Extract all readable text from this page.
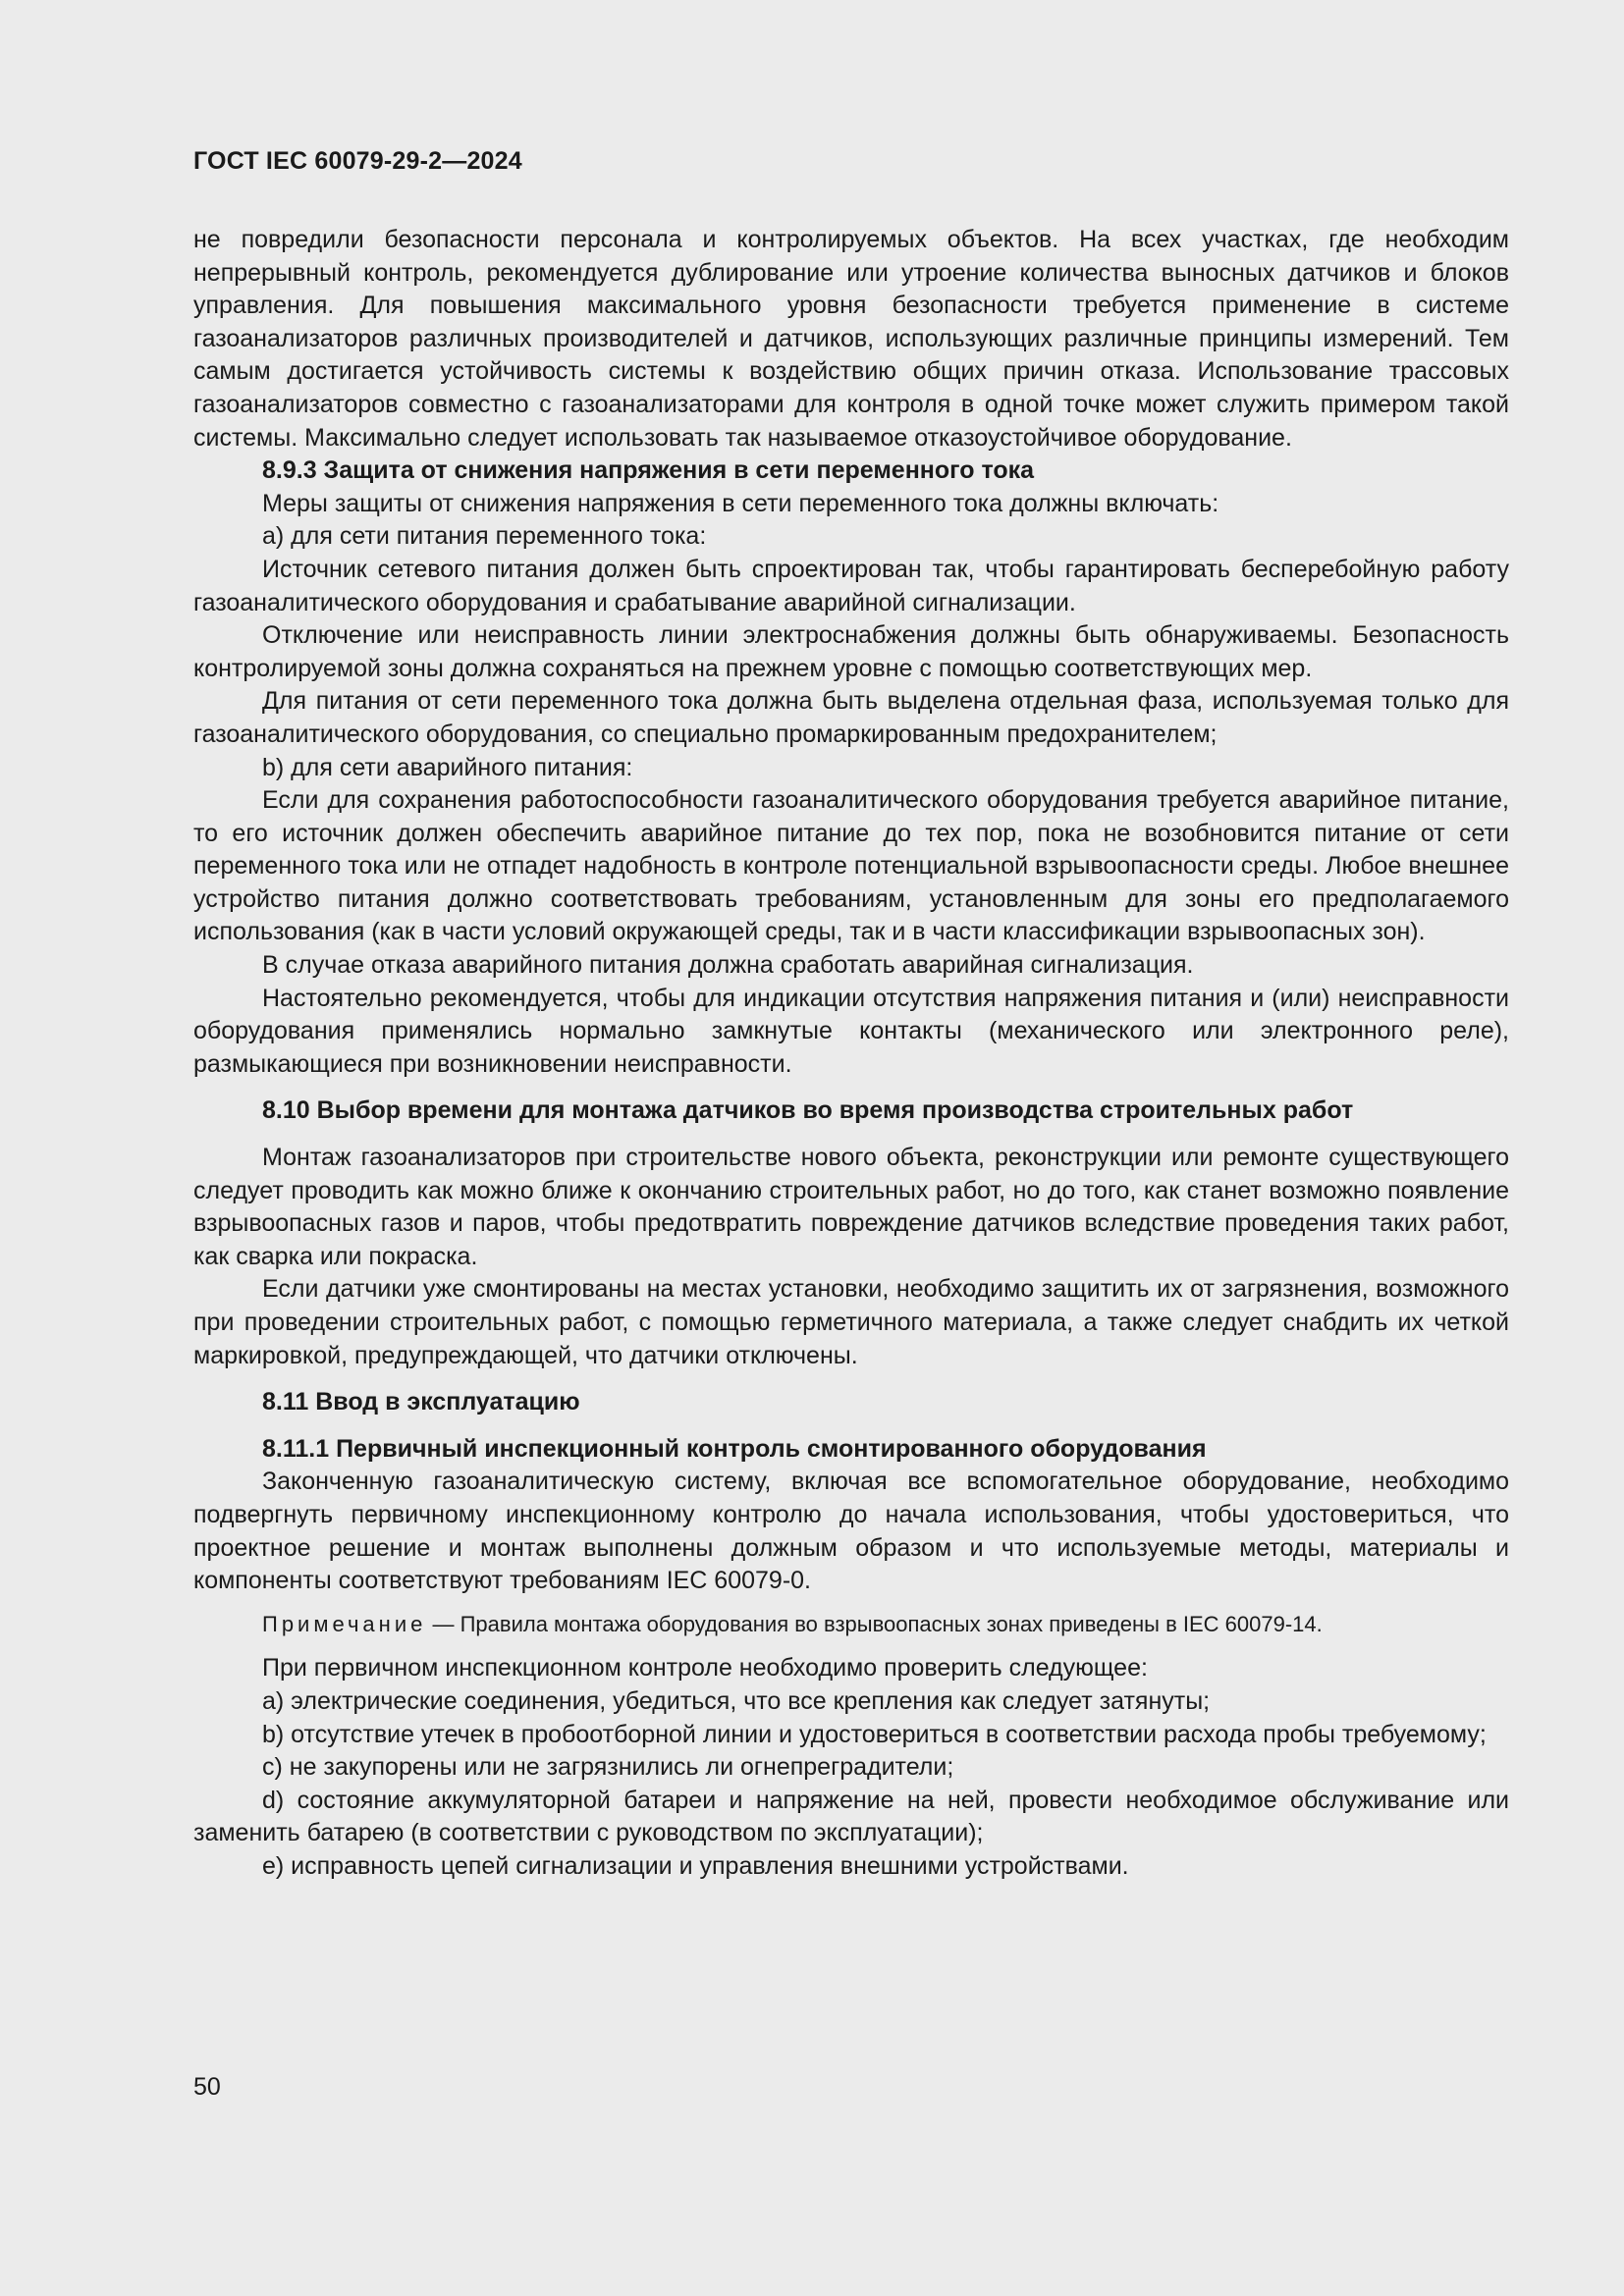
ГОСТ IEC 60079-29-2—2024

не повредили безопасности персонала и контролируемых объектов. На всех участках, где необходим непрерывный контроль, рекомендуется дублирование или утроение количества выносных датчиков и блоков управления. Для повышения максимального уровня безопасности требуется применение в системе газоанализаторов различных производителей и датчиков, использующих различные принципы измерений. Тем самым достигается устойчивость системы к воздействию общих причин отказа. Использование трассовых газоанализаторов совместно с газоанализаторами для контроля в одной точке может служить примером такой системы. Максимально следует использовать так называемое отказоустойчивое оборудование.

8.9.3 Защита от снижения напряжения в сети переменного тока

Меры защиты от снижения напряжения в сети переменного тока должны включать:

a) для сети питания переменного тока:

Источник сетевого питания должен быть спроектирован так, чтобы гарантировать бесперебойную работу газоаналитического оборудования и срабатывание аварийной сигнализации.

Отключение или неисправность линии электроснабжения должны быть обнаруживаемы. Безопасность контролируемой зоны должна сохраняться на прежнем уровне с помощью соответствующих мер.

Для питания от сети переменного тока должна быть выделена отдельная фаза, используемая только для газоаналитического оборудования, со специально промаркированным предохранителем;

b) для сети аварийного питания:

Если для сохранения работоспособности газоаналитического оборудования требуется аварийное питание, то его источник должен обеспечить аварийное питание до тех пор, пока не возобновится питание от сети переменного тока или не отпадет надобность в контроле потенциальной взрывоопасности среды. Любое внешнее устройство питания должно соответствовать требованиям, установленным для зоны его предполагаемого использования (как в части условий окружающей среды, так и в части классификации взрывоопасных зон).

В случае отказа аварийного питания должна сработать аварийная сигнализация.

Настоятельно рекомендуется, чтобы для индикации отсутствия напряжения питания и (или) неисправности оборудования применялись нормально замкнутые контакты (механического или электронного реле), размыкающиеся при возникновении неисправности.

8.10 Выбор времени для монтажа датчиков во время производства строительных работ

Монтаж газоанализаторов при строительстве нового объекта, реконструкции или ремонте существующего следует проводить как можно ближе к окончанию строительных работ, но до того, как станет возможно появление взрывоопасных газов и паров, чтобы предотвратить повреждение датчиков вследствие проведения таких работ, как сварка или покраска.

Если датчики уже смонтированы на местах установки, необходимо защитить их от загрязнения, возможного при проведении строительных работ, с помощью герметичного материала, а также следует снабдить их четкой маркировкой, предупреждающей, что датчики отключены.

8.11 Ввод в эксплуатацию

8.11.1 Первичный инспекционный контроль смонтированного оборудования

Законченную газоаналитическую систему, включая все вспомогательное оборудование, необходимо подвергнуть первичному инспекционному контролю до начала использования, чтобы удостовериться, что проектное решение и монтаж выполнены должным образом и что используемые методы, материалы и компоненты соответствуют требованиям IEC 60079-0.

Примечание — Правила монтажа оборудования во взрывоопасных зонах приведены в IEC 60079-14.

При первичном инспекционном контроле необходимо проверить следующее:

a) электрические соединения, убедиться, что все крепления как следует затянуты;

b) отсутствие утечек в пробоотборной линии и удостовериться в соответствии расхода пробы требуемому;

c) не закупорены или не загрязнились ли огнепреградители;

d) состояние аккумуляторной батареи и напряжение на ней, провести необходимое обслуживание или заменить батарею (в соответствии с руководством по эксплуатации);

e) исправность цепей сигнализации и управления внешними устройствами.

50
